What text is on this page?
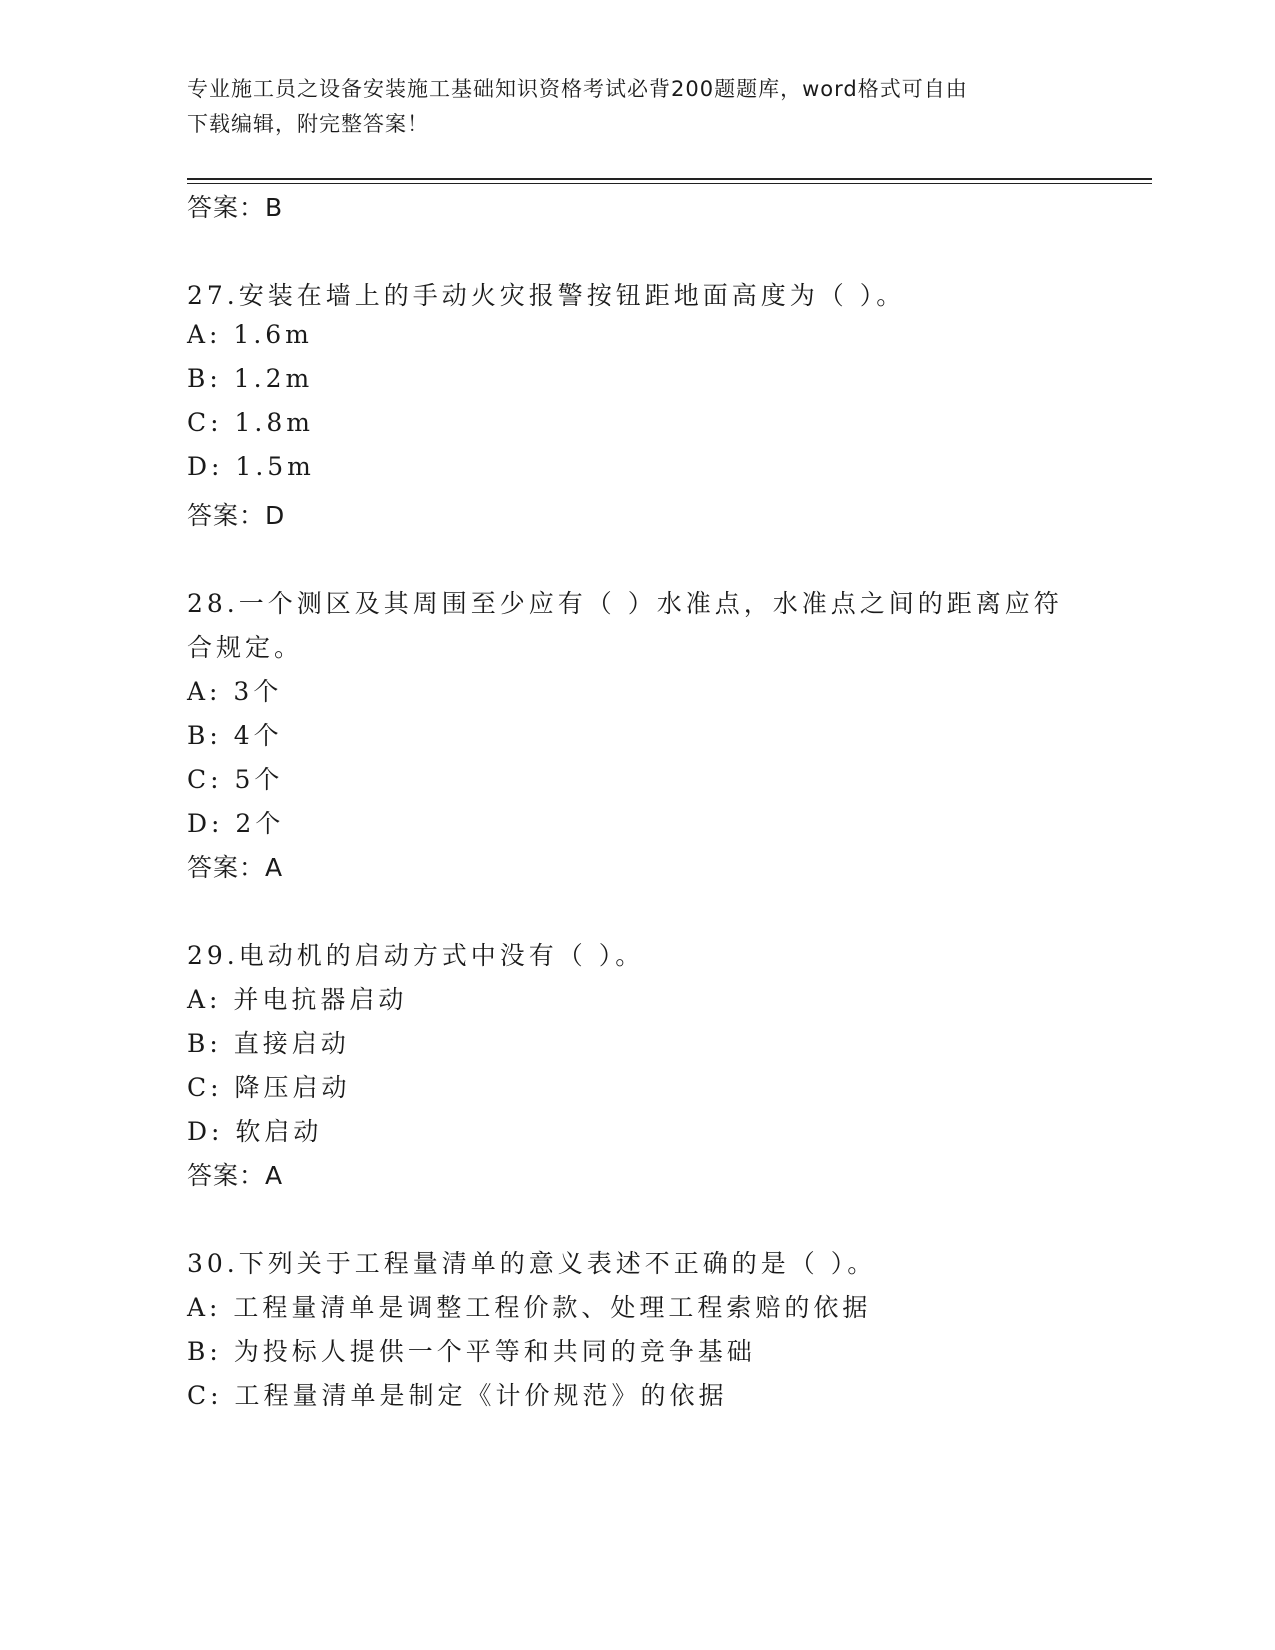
专业施工员之设备安装施工基础知识资格考试必背200题题库，word格式可自由
下载编辑，附完整答案！
答案：B
27.安装在墙上的手动火灾报警按钮距地面高度为（ ）。
A: 1.6m
B: 1.2m
C: 1.8m
D: 1.5m
答案：D
28.一个测区及其周围至少应有（ ）水准点，水准点之间的距离应符
合规定。
A: 3个
B: 4个
C: 5个
D: 2个
答案：A
29.电动机的启动方式中没有（ ）。
A: 并电抗器启动
B: 直接启动
C: 降压启动
D: 软启动
答案：A
30.下列关于工程量清单的意义表述不正确的是（ ）。
A: 工程量清单是调整工程价款、处理工程索赔的依据
B: 为投标人提供一个平等和共同的竞争基础
C: 工程量清单是制定《计价规范》的依据
